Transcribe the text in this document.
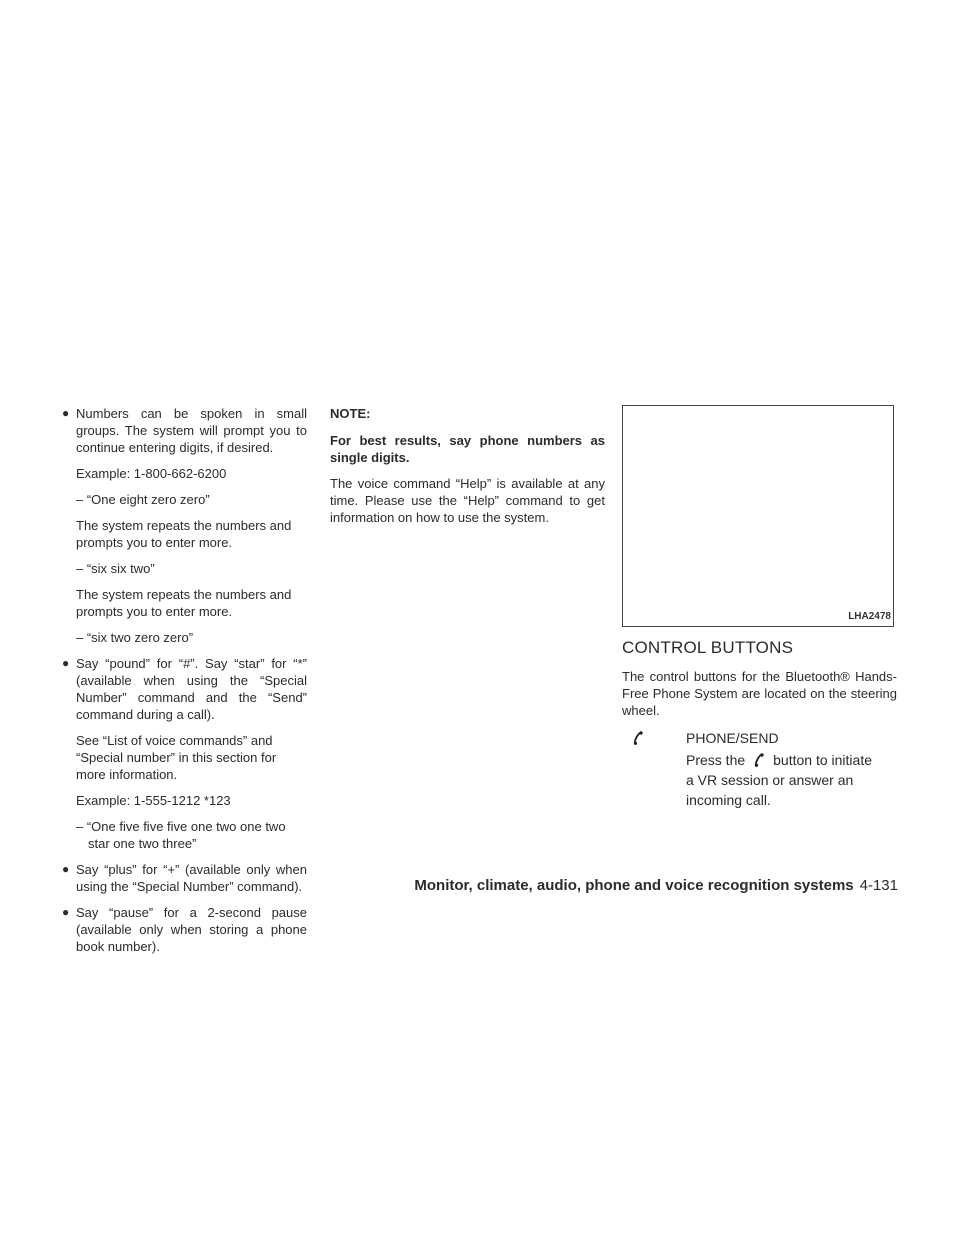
● Numbers can be spoken in small groups. The system will prompt you to continue entering digits, if desired.
Example: 1-800-662-6200
– “One eight zero zero”
The system repeats the numbers and prompts you to enter more.
– “six six two”
The system repeats the numbers and prompts you to enter more.
– “six two zero zero”
● Say “pound” for “#”. Say “star” for “*” (available when using the “Special Number” command and the “Send” command during a call).
See “List of voice commands” and “Special number” in this section for more information.
Example: 1-555-1212 *123
– “One five five five one two one two star one two three”
● Say “plus” for “+” (available only when using the “Special Number” command).
● Say “pause” for a 2-second pause (available only when storing a phone book number).
NOTE:
For best results, say phone numbers as single digits.
The voice command “Help” is available at any time. Please use the “Help” command to get information on how to use the system.
LHA2478
CONTROL BUTTONS
The control buttons for the Bluetooth® Hands-Free Phone System are located on the steering wheel.
PHONE/SEND
Press the button to initiate a VR session or answer an incoming call.
Monitor, climate, audio, phone and voice recognition systems 4-131
